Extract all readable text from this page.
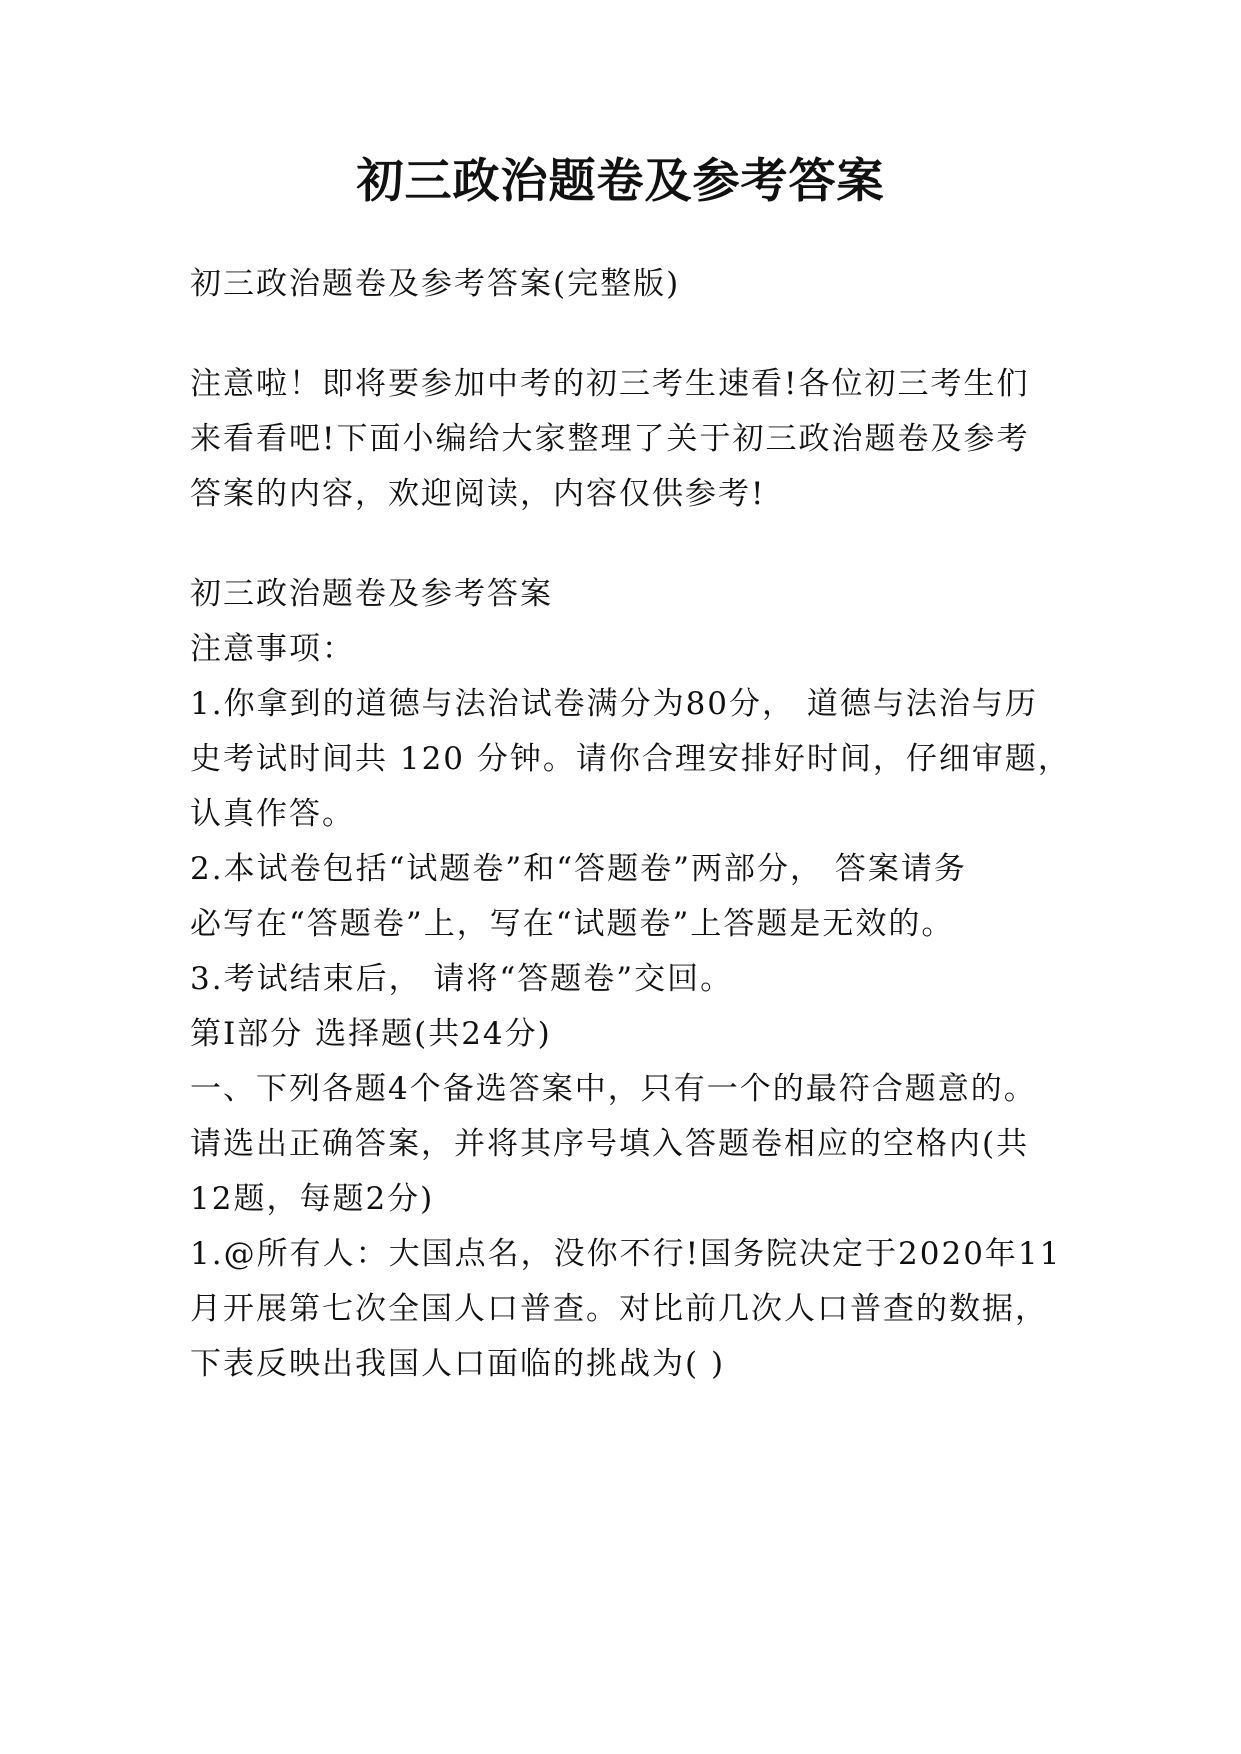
初三政治题卷及参考答案

初三政治题卷及参考答案(完整版)

注意啦！即将要参加中考的初三考生速看!各位初三考生们

来看看吧!下面小编给大家整理了关于初三政治题卷及参考

答案的内容，欢迎阅读，内容仅供参考!

初三政治题卷及参考答案

注意事项：

1.你拿到的道德与法治试卷满分为80分， 道德与法治与历

史考试时间共 120 分钟。请你合理安排好时间，仔细审题，

认真作答。

2.本试卷包括“试题卷”和“答题卷”两部分， 答案请务

必写在“答题卷”上，写在“试题卷”上答题是无效的。

3.考试结束后， 请将“答题卷”交回。

第Ⅰ部分 选择题(共24分)

一、下列各题4个备选答案中，只有一个的最符合题意的。

请选出正确答案，并将其序号填入答题卷相应的空格内(共

12题，每题2分)

1.@所有人：大国点名，没你不行!国务院决定于2020年11

月开展第七次全国人口普查。对比前几次人口普查的数据，

下表反映出我国人口面临的挑战为( )
